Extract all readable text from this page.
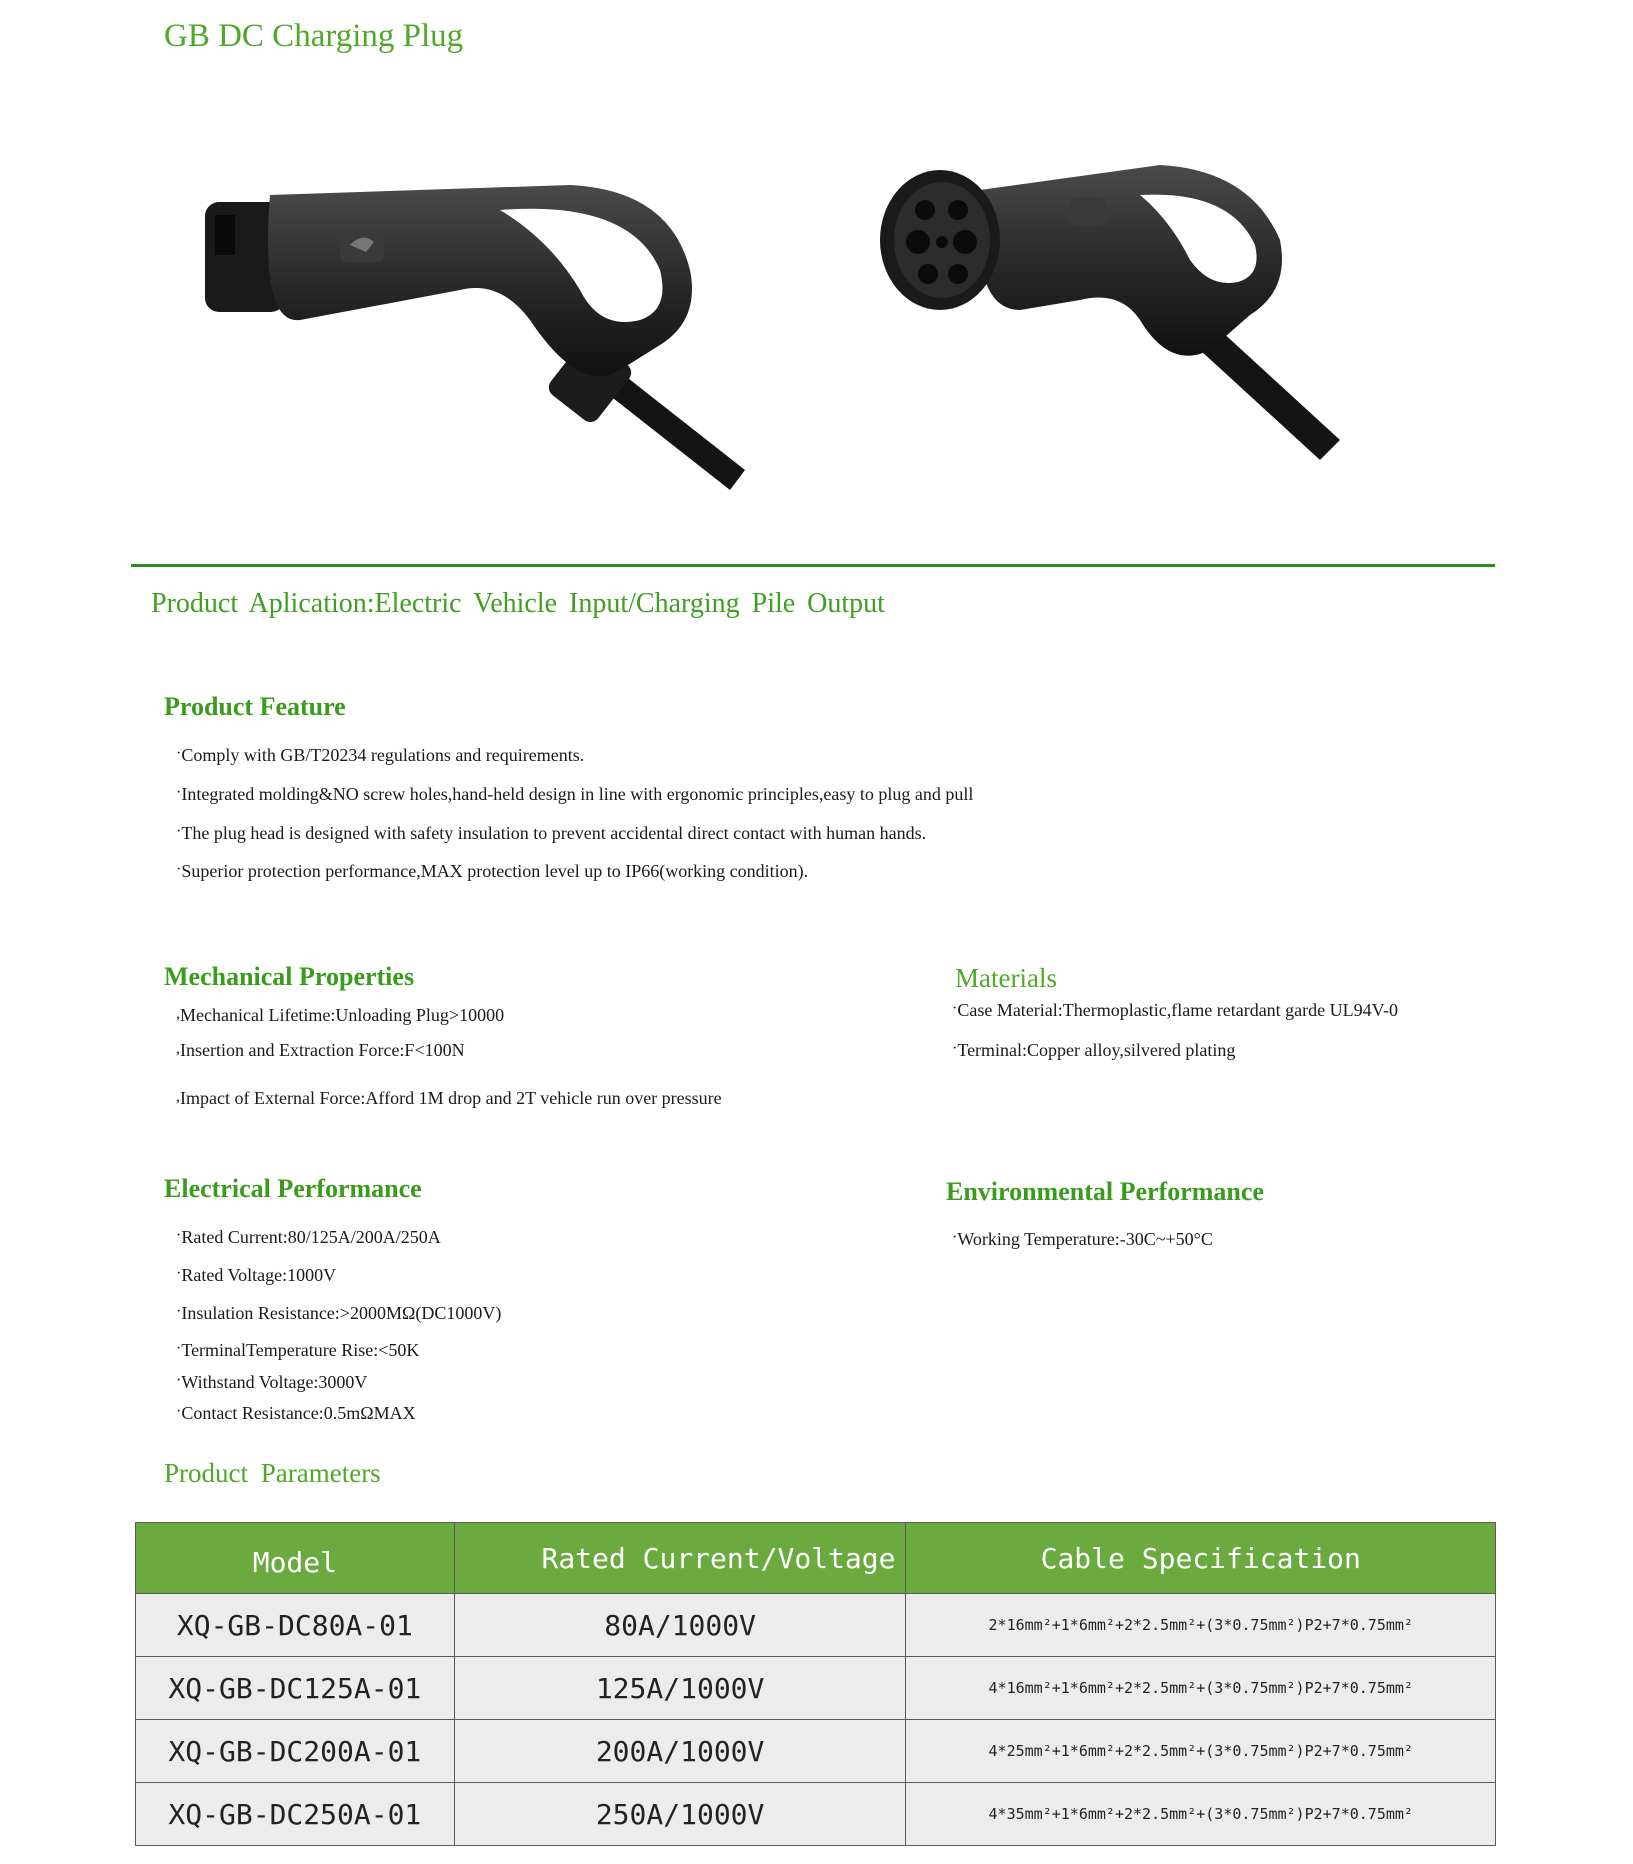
GB DC Charging Plug
Product Aplication:Electric Vehicle Input/Charging Pile Output
Product Feature
·Comply with GB/T20234 regulations and requirements.
·Integrated molding&NO screw holes,hand-held design in line with ergonomic principles,easy to plug and pull
·The plug head is designed with safety insulation to prevent accidental direct contact with human hands.
·Superior protection performance,MAX protection level up to IP66(working condition).
Mechanical Properties
,Mechanical Lifetime:Unloading Plug>10000
,Insertion and Extraction Force:F<100N
,Impact of External Force:Afford 1M drop and 2T vehicle run over pressure
Materials
·Case Material:Thermoplastic,flame retardant garde UL94V-0
·Terminal:Copper alloy,silvered plating
Electrical Performance
·Rated Current:80/125A/200A/250A
·Rated Voltage:1000V
·Insulation Resistance:>2000MΩ(DC1000V)
·TerminalTemperature Rise:<50K
·Withstand Voltage:3000V
·Contact Resistance:0.5mΩMAX
Environmental Performance
·Working Temperature:-30C~+50°C
Product Parameters
Model	Rated Current/Voltage	Cable Specification
XQ-GB-DC80A-01	80A/1000V	2*16mm²+1*6mm²+2*2.5mm²+(3*0.75mm²)P2+7*0.75mm²
XQ-GB-DC125A-01	125A/1000V	4*16mm²+1*6mm²+2*2.5mm²+(3*0.75mm²)P2+7*0.75mm²
XQ-GB-DC200A-01	200A/1000V	4*25mm²+1*6mm²+2*2.5mm²+(3*0.75mm²)P2+7*0.75mm²
XQ-GB-DC250A-01	250A/1000V	4*35mm²+1*6mm²+2*2.5mm²+(3*0.75mm²)P2+7*0.75mm²
